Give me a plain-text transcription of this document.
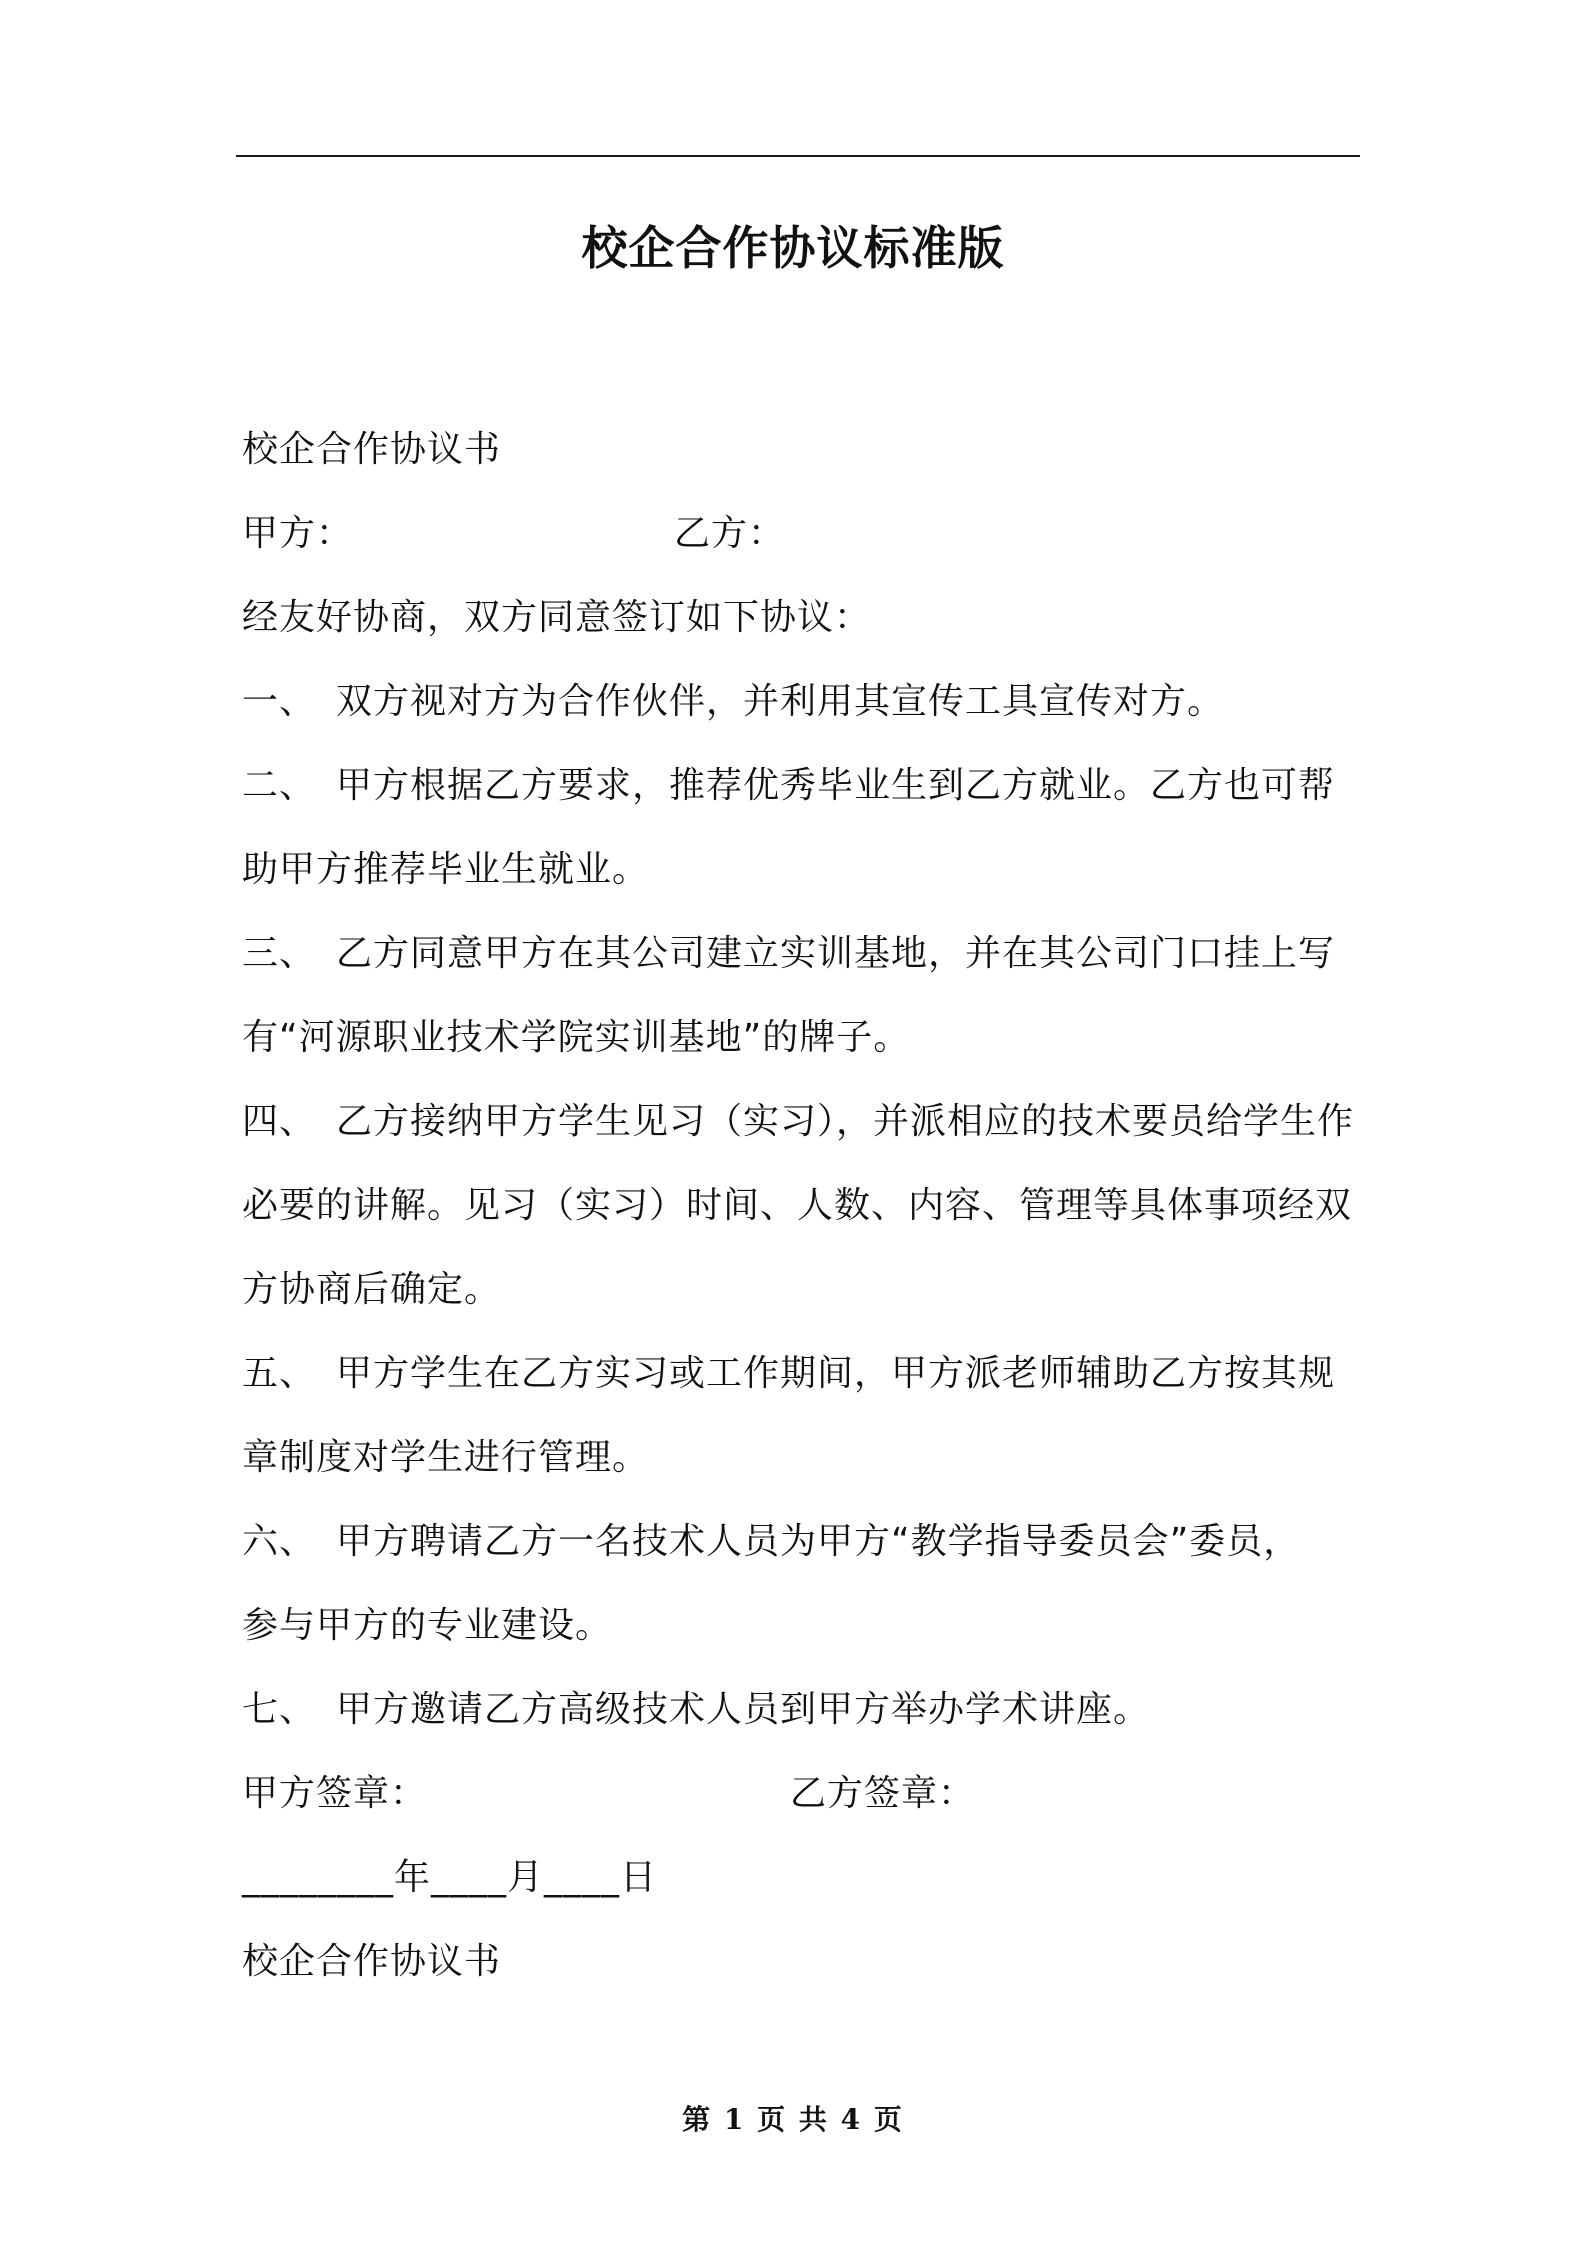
校企合作协议标准版
校企合作协议书
甲方：	乙方：
经友好协商，双方同意签订如下协议：
一、 双方视对方为合作伙伴，并利用其宣传工具宣传对方。
二、 甲方根据乙方要求，推荐优秀毕业生到乙方就业。乙方也可帮
助甲方推荐毕业生就业。
三、 乙方同意甲方在其公司建立实训基地，并在其公司门口挂上写
有“河源职业技术学院实训基地”的牌子。
四、 乙方接纳甲方学生见习（实习），并派相应的技术要员给学生作
必要的讲解。见习（实习）时间、人数、内容、管理等具体事项经双
方协商后确定。
五、 甲方学生在乙方实习或工作期间，甲方派老师辅助乙方按其规
章制度对学生进行管理。
六、 甲方聘请乙方一名技术人员为甲方“教学指导委员会”委员，
参与甲方的专业建设。
七、 甲方邀请乙方高级技术人员到甲方举办学术讲座。
甲方签章：	乙方签章：
________年____月____日
校企合作协议书
第 1 页 共 4 页
